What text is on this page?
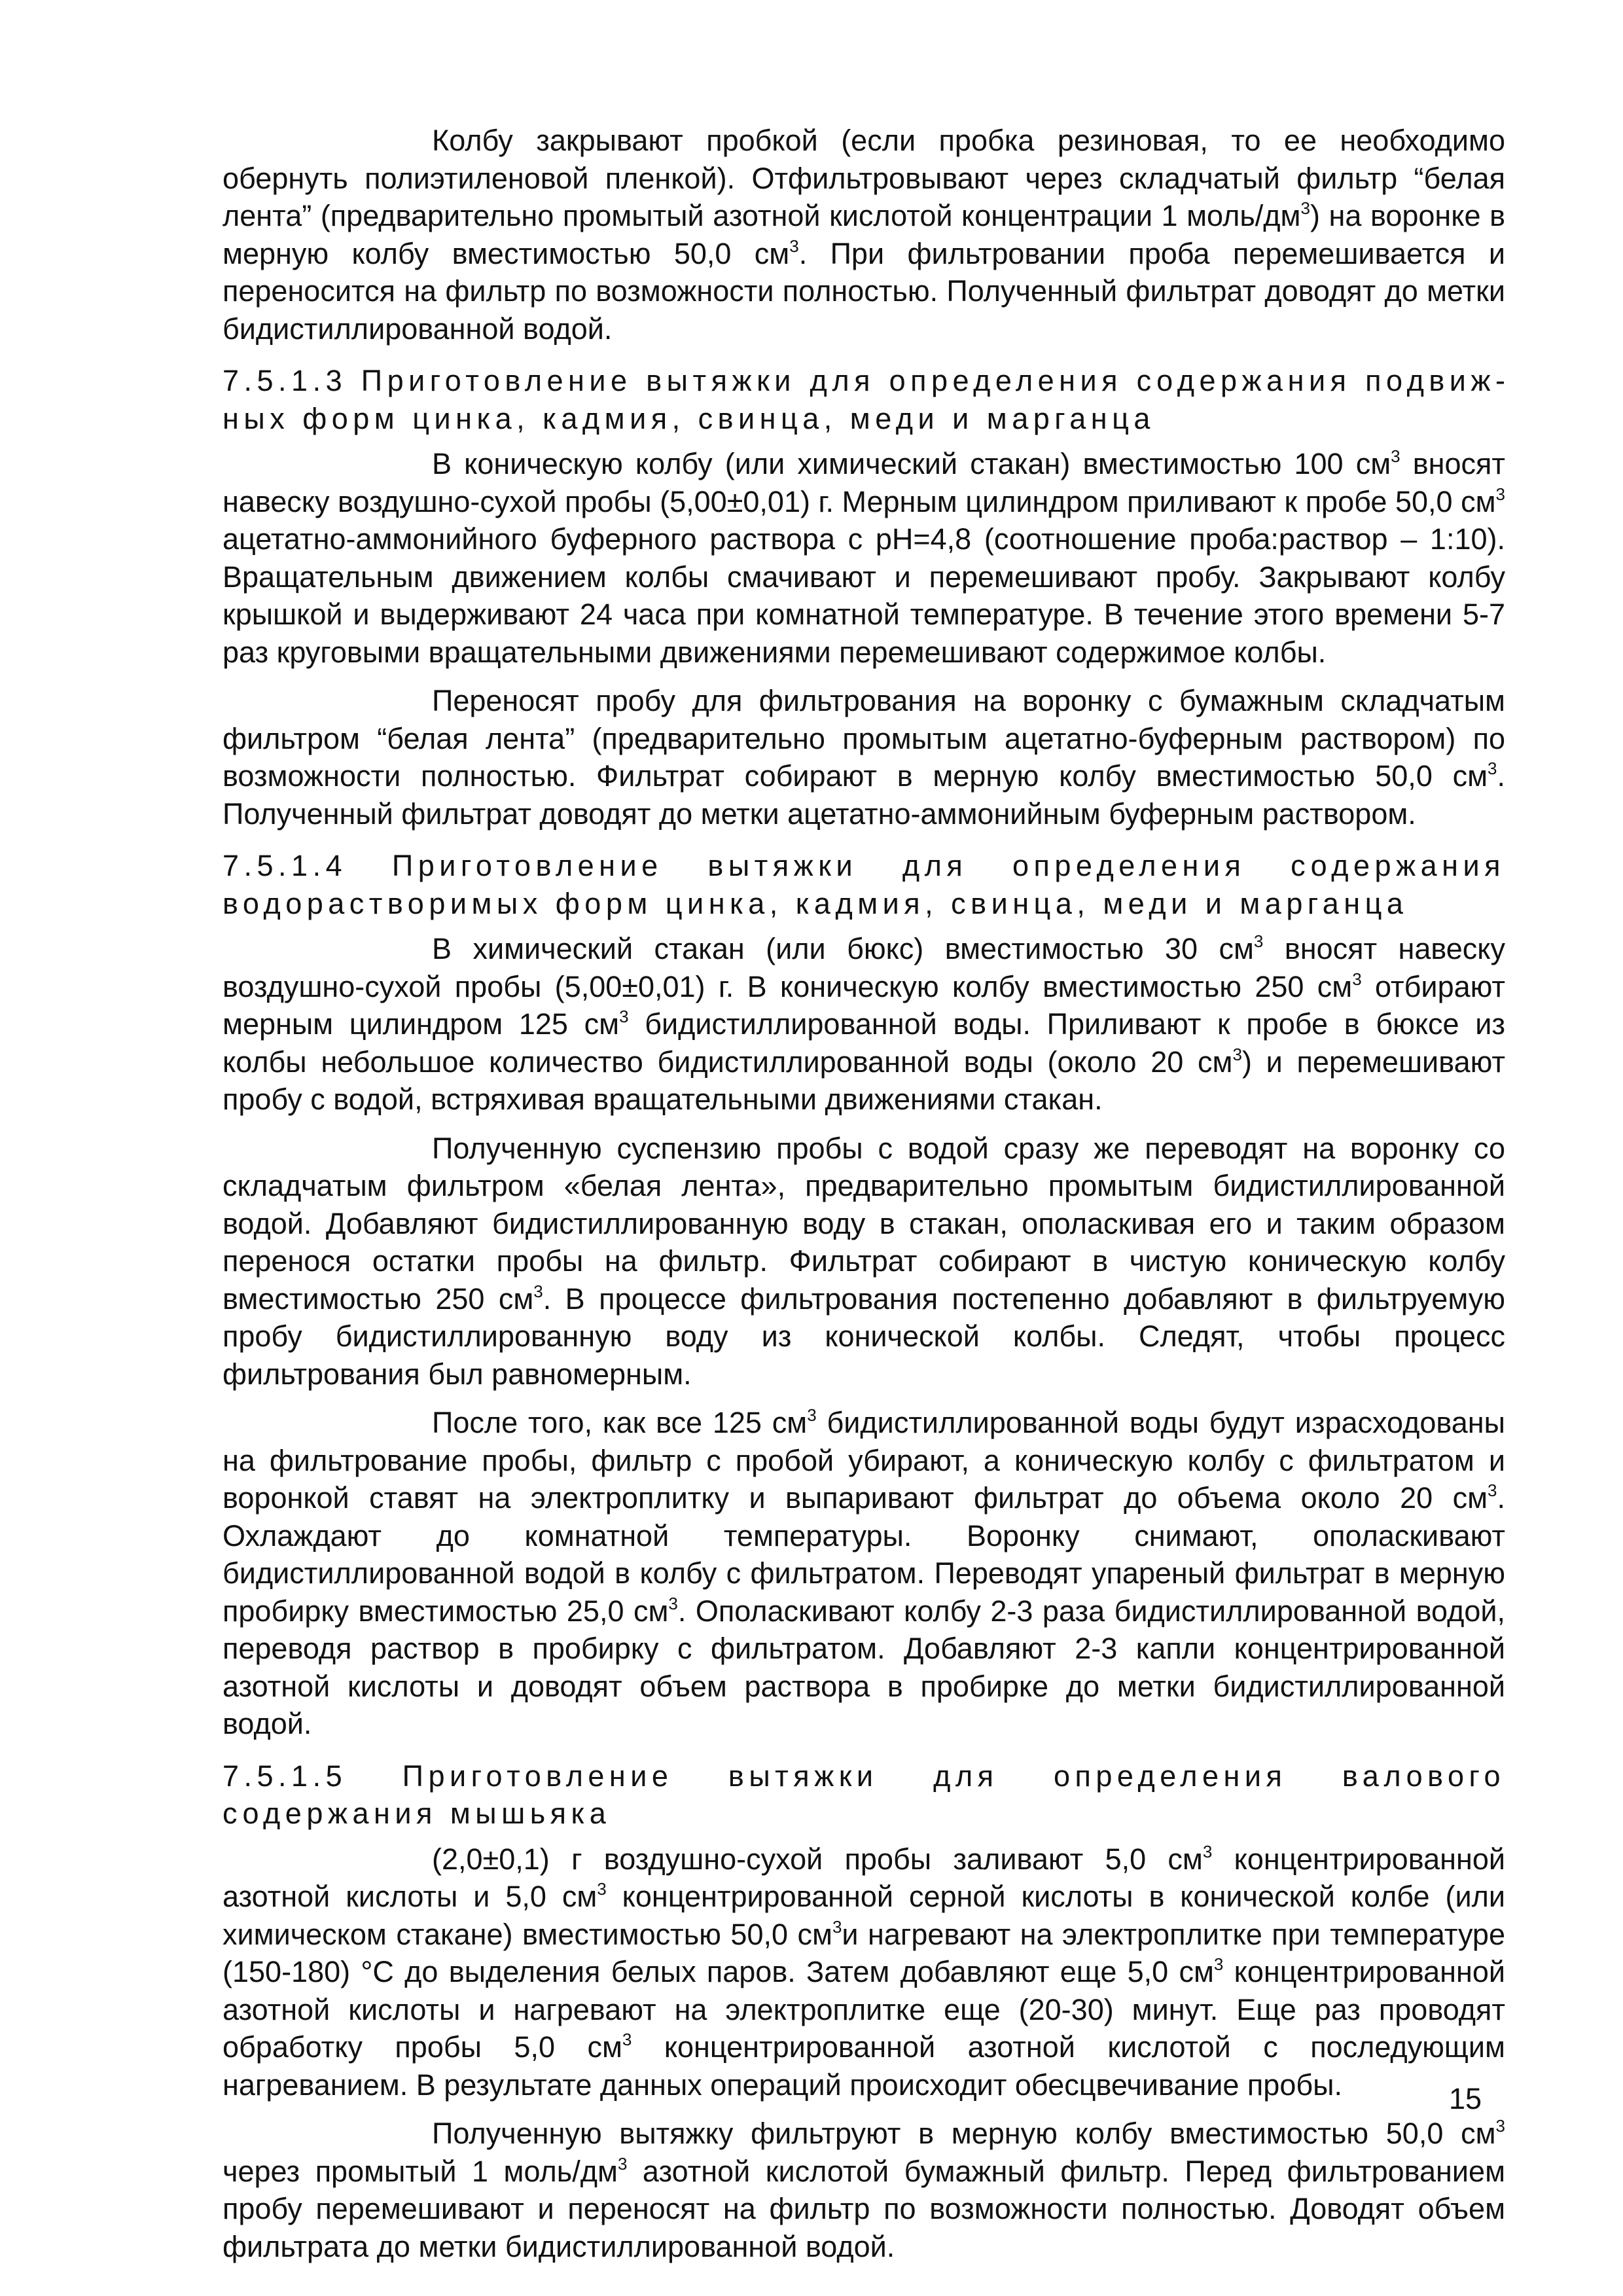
Колбу закрывают пробкой (если пробка резиновая, то ее необходимо обернуть полиэтиленовой пленкой). Отфильтровывают через складчатый фильтр “белая лента” (предварительно промытый азотной кислотой концентрации 1 моль/$дм^3$) на воронке в мерную колбу вместимостью 50,0 $см^3$. При фильтровании проба перемешивается и переносится на фильтр по возможности полностью. Полученный фильтрат доводят до метки бидистиллированной водой.

7.5.1.3 Приготовление вытяжки для определения содержания подвижных форм цинка, кадмия, свинца, меди и марганца

В коническую колбу (или химический стакан) вместимостью 100 $см^3$ вносят навеску воздушно-сухой пробы (5,00±0,01) г. Мерным цилиндром приливают к пробе 50,0 $см^3$ ацетатно-аммонийного буферного раствора с pH=4,8 (соотношение проба:раствор – 1:10). Вращательным движением колбы смачивают и перемешивают пробу. Закрывают колбу крышкой и выдерживают 24 часа при комнатной температуре. В течение этого времени 5-7 раз круговыми вращательными движениями перемешивают содержимое колбы.

Переносят пробу для фильтрования на воронку с бумажным складчатым фильтром “белая лента” (предварительно промытым ацетатно-буферным раствором) по возможности полностью. Фильтрат собирают в мерную колбу вместимостью 50,0 $см^3$. Полученный фильтрат доводят до метки ацетатно-аммонийным буферным раствором.

7.5.1.4 Приготовление вытяжки для определения содержания водорастворимых форм цинка, кадмия, свинца, меди и марганца

В химический стакан (или бюкс) вместимостью 30 $см^3$ вносят навеску воздушно-сухой пробы (5,00±0,01) г. В коническую колбу вместимостью 250 $см^3$ отбирают мерным цилиндром 125 $см^3$ бидистиллированной воды. Приливают к пробе в бюксе из колбы небольшое количество бидистиллированной воды (около 20 $см^3$) и перемешивают пробу с водой, встряхивая вращательными движениями стакан.

Полученную суспензию пробы с водой сразу же переводят на воронку со складчатым фильтром «белая лента», предварительно промытым бидистиллированной водой. Добавляют бидистиллированную воду в стакан, ополаскивая его и таким образом перенося остатки пробы на фильтр. Фильтрат собирают в чистую коническую колбу вместимостью 250 $см^3$. В процессе фильтрования постепенно добавляют в фильтруемую пробу бидистиллированную воду из конической колбы. Следят, чтобы процесс фильтрования был равномерным.

После того, как все 125 $см^3$ бидистиллированной воды будут израсходованы на фильтрование пробы, фильтр с пробой убирают, а коническую колбу с фильтратом и воронкой ставят на электроплитку и выпаривают фильтрат до объема около 20 $см^3$. Охлаждают до комнатной температуры. Воронку снимают, ополаскивают бидистиллированной водой в колбу с фильтратом. Переводят упареный фильтрат в мерную пробирку вместимостью 25,0 $см^3$. Ополаскивают колбу 2-3 раза бидистиллированной водой, переводя раствор в пробирку с фильтратом. Добавляют 2-3 капли концентрированной азотной кислоты и доводят объем раствора в пробирке до метки бидистиллированной водой.

7.5.1.5 Приготовление вытяжки для определения валового содержания мышьяка

(2,0±0,1) г воздушно-сухой пробы заливают 5,0 $см^3$ концентрированной азотной кислоты и 5,0 $см^3$ концентрированной серной кислоты в конической колбе (или химическом стакане) вместимостью 50,0 $см^3и$ нагревают на электроплитке при температуре (150-180) °С до выделения белых паров. Затем добавляют еще 5,0 $см^3$ концентрированной азотной кислоты и нагревают на электроплитке еще (20-30) минут. Еще раз проводят обработку пробы 5,0 $см^3$ концентрированной азотной кислотой с последующим нагреванием. В результате данных операций происходит обесцвечивание пробы.

Полученную вытяжку фильтруют в мерную колбу вместимостью 50,0 $см^3$ через промытый 1 моль/$дм^3$ азотной кислотой бумажный фильтр. Перед фильтрованием пробу перемешивают и переносят на фильтр по возможности полностью. Доводят объем фильтрата до метки бидистиллированной водой.

15
